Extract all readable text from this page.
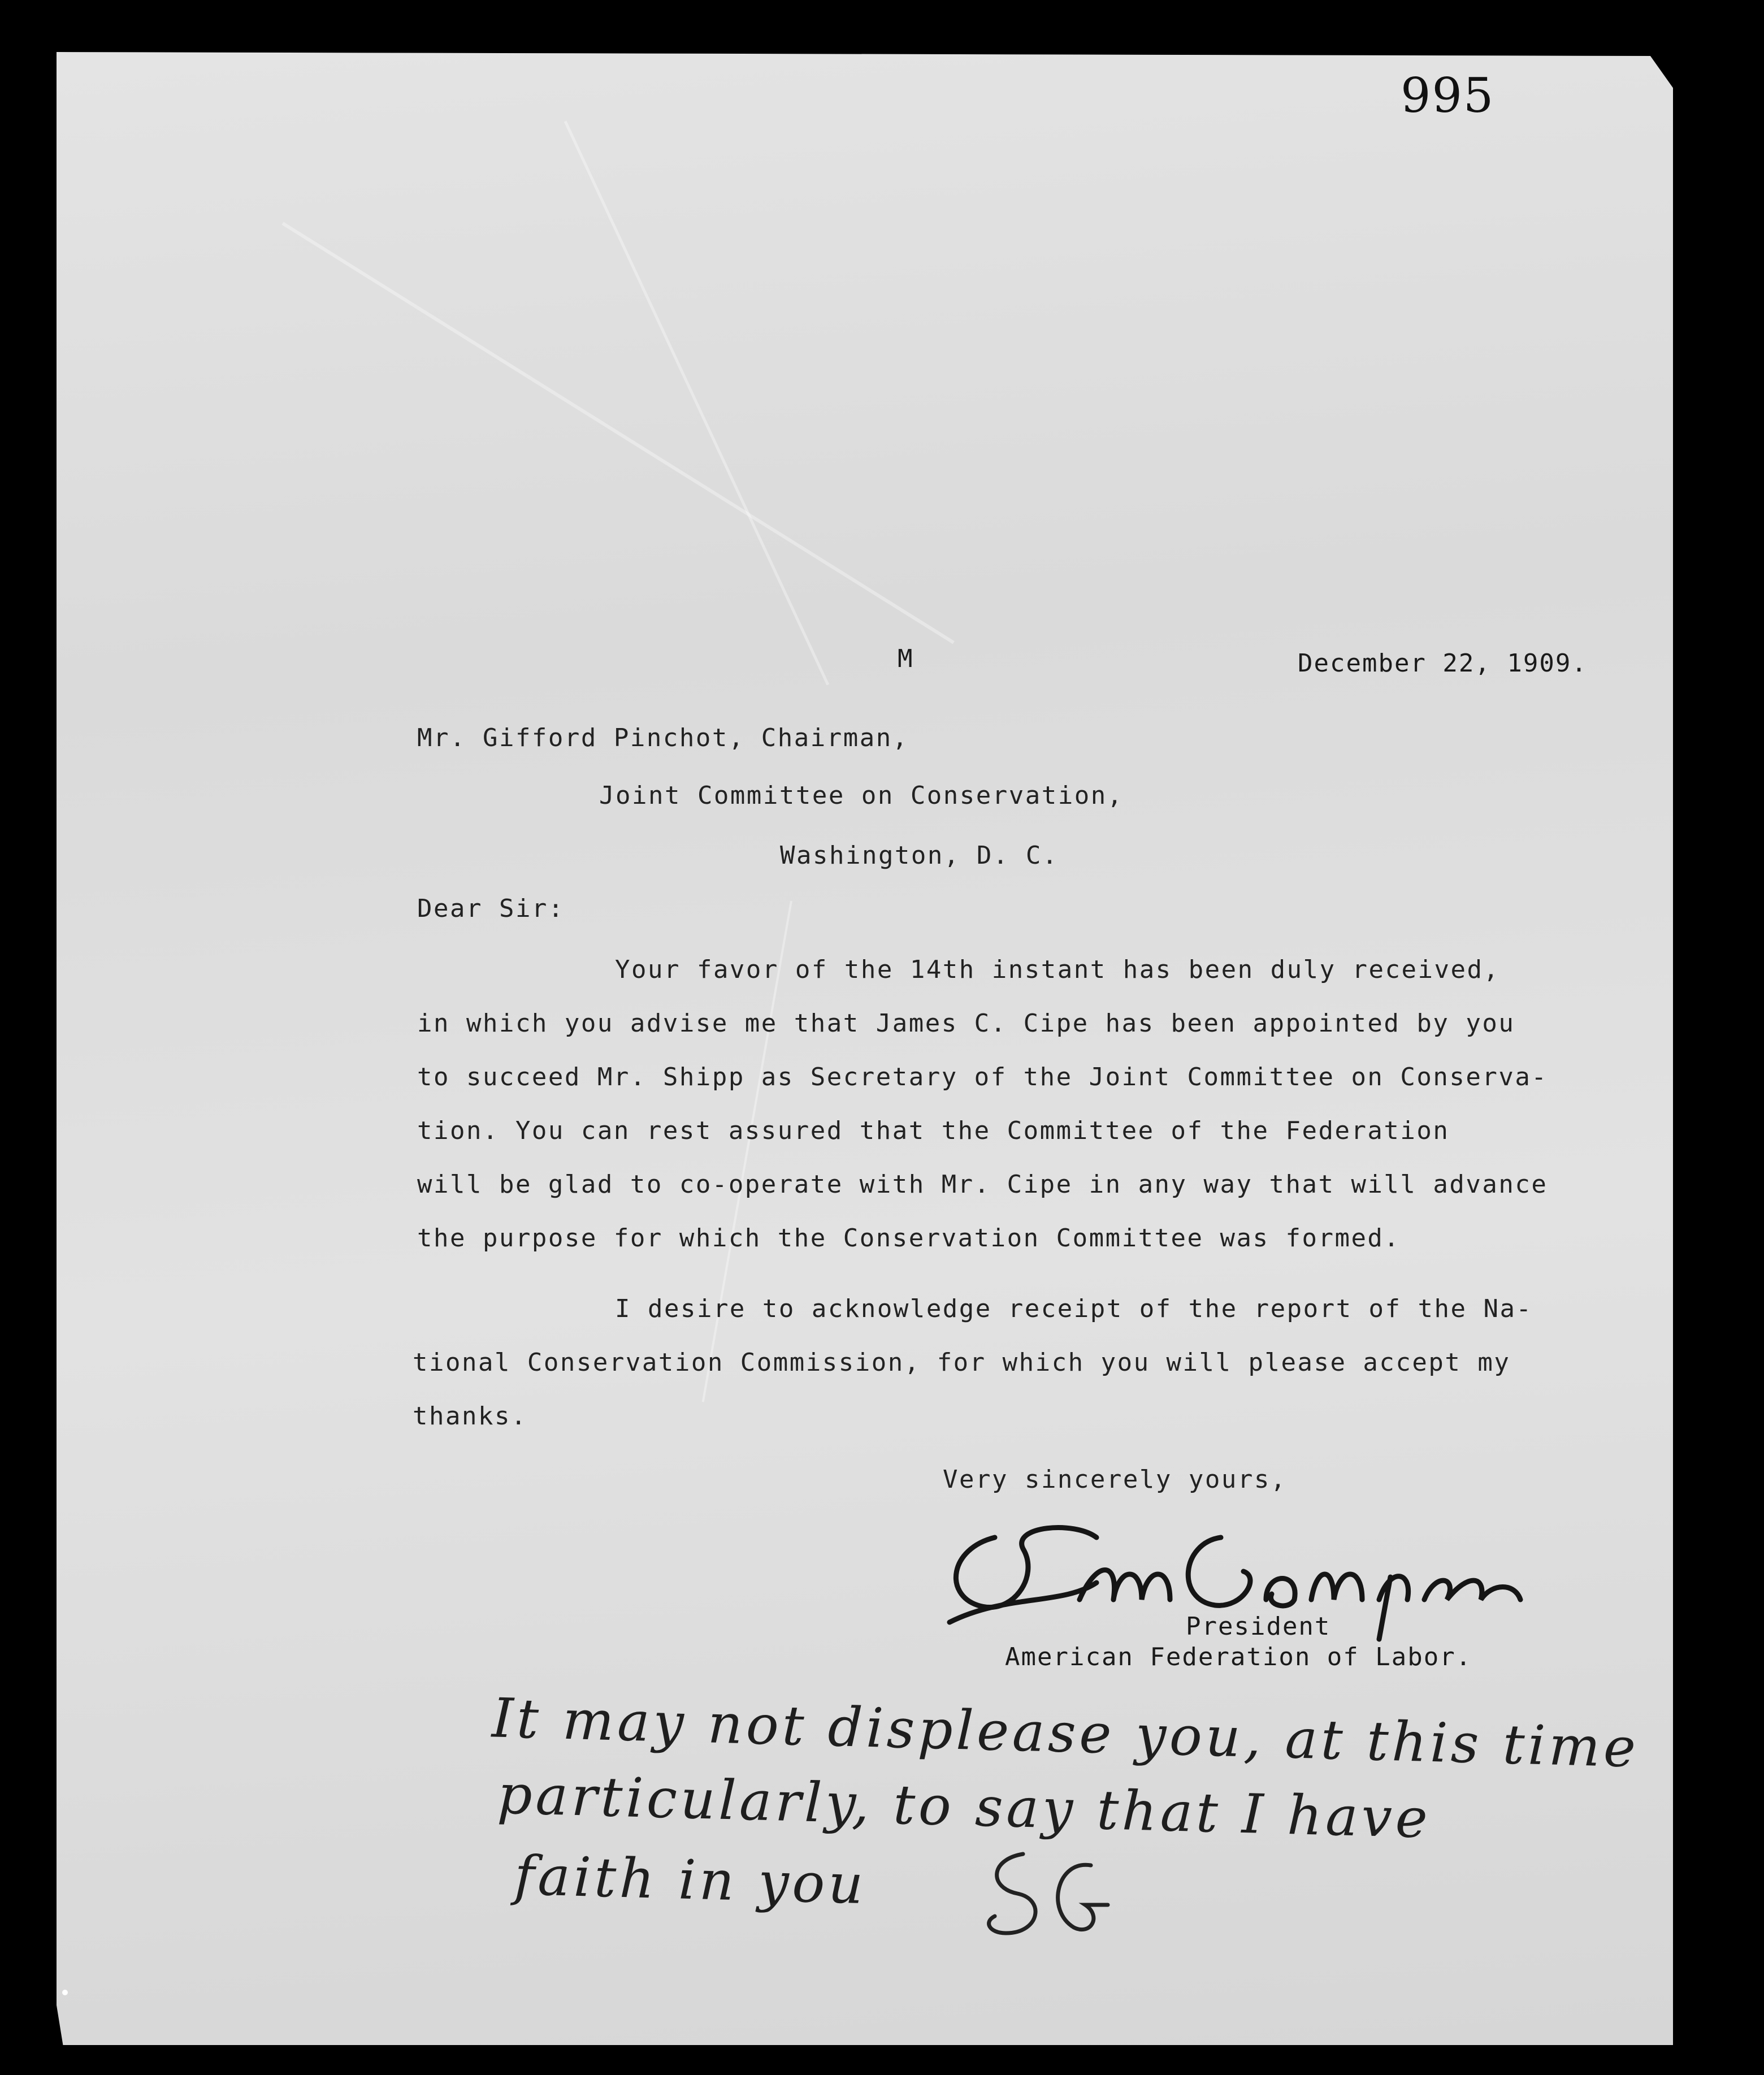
995
M	December 22, 1909.
Mr. Gifford Pinchot, Chairman,
Joint Committee on Conservation,
Washington, D. C.
Dear Sir:
Your favor of the 14th instant has been duly received,
in which you advise me that James C. Cipe has been appointed by you
to succeed Mr. Shipp as Secretary of the Joint Committee on Conserva-
tion. You can rest assured that the Committee of the Federation
will be glad to co-operate with Mr. Cipe in any way that will advance
the purpose for which the Conservation Committee was formed.
I desire to acknowledge receipt of the report of the Na-
tional Conservation Commission, for which you will please accept my
thanks.
Very sincerely yours,
President
American Federation of Labor.
It may not displease you, at this time
particularly, to say that I have
faith in you
